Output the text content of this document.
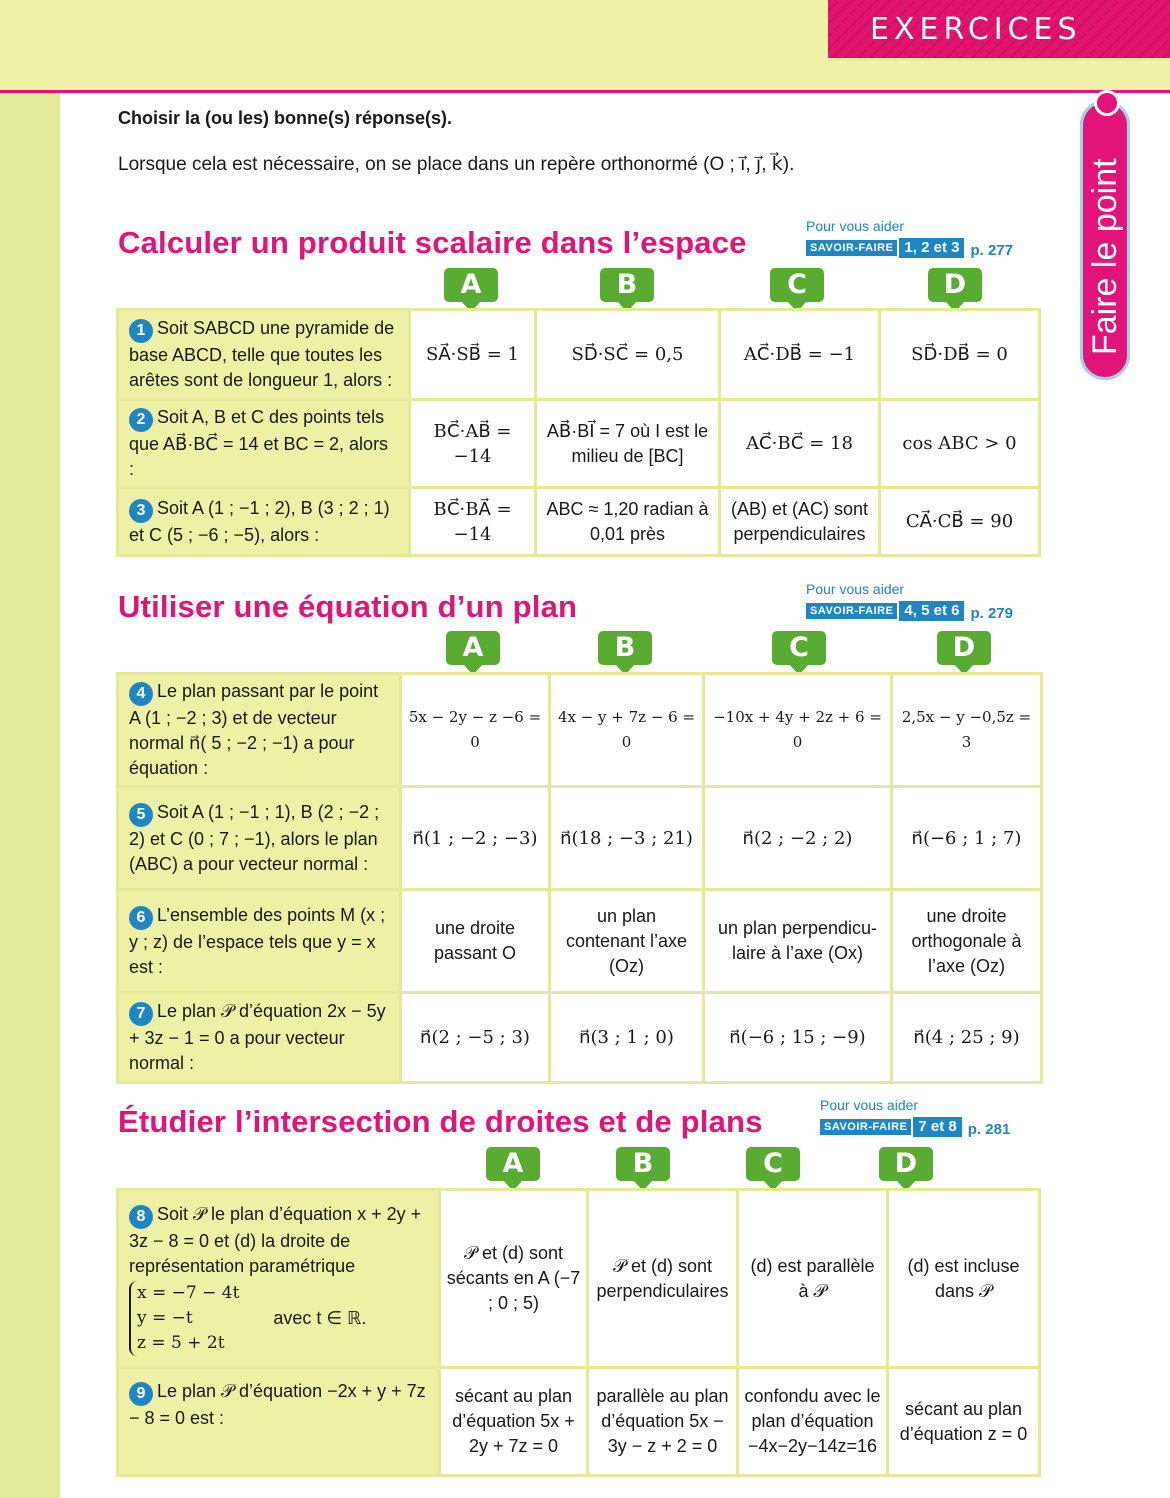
EXERCICES
Faire le point
Choisir la (ou les) bonne(s) réponse(s).
Lorsque cela est nécessaire, on se place dans un repère orthonormé (O ; i⃗, j⃗, k⃗).
Calculer un produit scalaire dans l’espace	Pour vous aider
SAVOIR-FAIRE 1, 2 et 3 p. 277
A	B	C	D
1 Soit SABCD une pyramide de base ABCD, telle que toutes les arêtes sont de longueur 1, alors :	SA⃗·SB⃗ = 1	SD⃗·SC⃗ = 0,5	AC⃗·DB⃗ = −1	SD⃗·DB⃗ = 0
2 Soit A, B et C des points tels que AB⃗·BC⃗ = 14 et BC = 2, alors :	BC⃗·AB⃗ = −14	AB⃗·BI⃗ = 7 où I est le milieu de [BC]	AC⃗·BC⃗ = 18	cos ABC > 0
3 Soit A (1 ; −1 ; 2), B (3 ; 2 ; 1) et C (5 ; −6 ; −5), alors :	BC⃗·BA⃗ = −14	ABC ≈ 1,20 radian à 0,01 près	(AB) et (AC) sont perpendiculaires	CA⃗·CB⃗ = 90
Utiliser une équation d’un plan	Pour vous aider
SAVOIR-FAIRE 4, 5 et 6 p. 279
A	B	C	D
4 Le plan passant par le point A (1 ; −2 ; 3) et de vecteur normal n⃗( 5 ; −2 ; −1) a pour équation :	5x − 2y − z −6 = 0	4x − y + 7z − 6 = 0	−10x + 4y + 2z + 6 = 0	2,5x − y −0,5z = 3
5 Soit A (1 ; −1 ; 1), B (2 ; −2 ; 2) et C (0 ; 7 ; −1), alors le plan (ABC) a pour vecteur normal :	n⃗(1 ; −2 ; −3)	n⃗(18 ; −3 ; 21)	n⃗(2 ; −2 ; 2)	n⃗(−6 ; 1 ; 7)
6 L’ensemble des points M (x ; y ; z) de l’espace tels que y = x est :	une droite passant O	un plan contenant l’axe (Oz)	un plan perpendicu-laire à l’axe (Ox)	une droite orthogonale à l’axe (Oz)
7 Le plan 𝒫 d’équation 2x − 5y + 3z − 1 = 0 a pour vecteur normal :	n⃗(2 ; −5 ; 3)	n⃗(3 ; 1 ; 0)	n⃗(−6 ; 15 ; −9)	n⃗(4 ; 25 ; 9)
Étudier l’intersection de droites et de plans	Pour vous aider
SAVOIR-FAIRE 7 et 8 p. 281
A	B	C	D
8 Soit 𝒫 le plan d’équation x + 2y + 3z − 8 = 0 et (d) la droite de représentation paramétrique
x = −7 − 4t
y = −t
z = 5 + 2t
avec t ∈ ℝ.	𝒫 et (d) sont sécants en A (−7 ; 0 ; 5)	𝒫 et (d) sont perpendiculaires	(d) est parallèle à 𝒫	(d) est incluse dans 𝒫
9 Le plan 𝒫 d’équation −2x + y + 7z − 8 = 0 est :	sécant au plan d’équation 5x + 2y + 7z = 0	parallèle au plan d’équation 5x − 3y − z + 2 = 0	confondu avec le plan d’équation −4x−2y−14z=16	sécant au plan d’équation z = 0
